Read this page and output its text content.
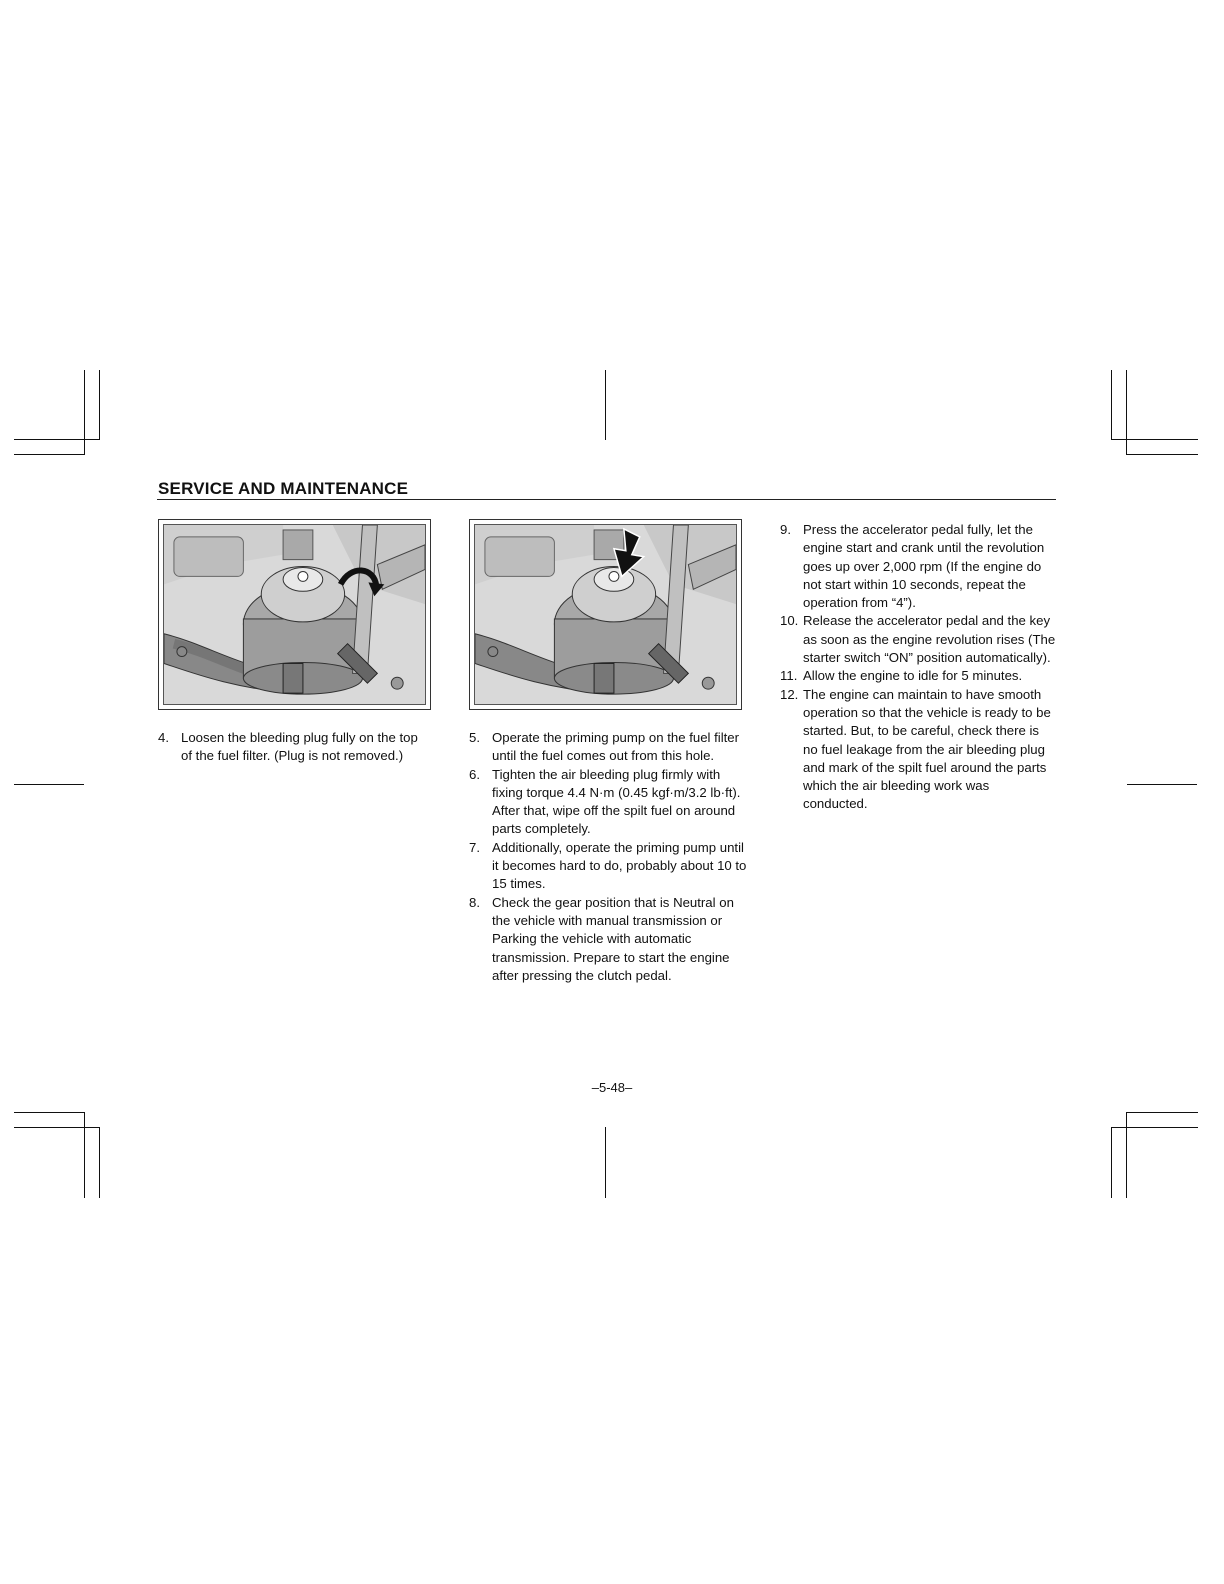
SERVICE AND MAINTENANCE
4. Loosen the bleeding plug fully on the top of the fuel filter. (Plug is not removed.)
5. Operate the priming pump on the fuel filter until the fuel comes out from this hole.
6. Tighten the air bleeding plug firmly with fixing torque 4.4 N·m (0.45 kgf·m/3.2 lb·ft). After that, wipe off the spilt fuel on around parts completely.
7. Additionally, operate the priming pump until it becomes hard to do, probably about 10 to 15 times.
8. Check the gear position that is Neutral on the vehicle with manual transmission or Parking the vehicle with automatic transmission. Prepare to start the engine after pressing the clutch pedal.
9. Press the accelerator pedal fully, let the engine start and crank until the revolution goes up over 2,000 rpm (If the engine do not start within 10 seconds, repeat the operation from “4”).
10. Release the accelerator pedal and the key as soon as the engine revolution rises (The starter switch “ON” position automatically).
11. Allow the engine to idle for 5 minutes.
12. The engine can maintain to have smooth operation so that the vehicle is ready to be started. But, to be careful, check there is no fuel leakage from the air bleeding plug and mark of the spilt fuel around the parts which the air bleeding work was conducted.
–5-48–
